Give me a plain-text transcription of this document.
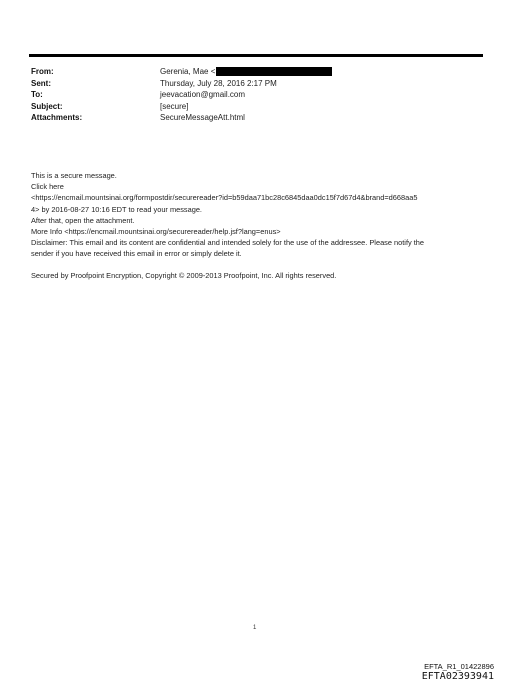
From:	Gerenia, Mae <
Sent:	Thursday, July 28, 2016 2:17 PM
To:	jeevacation@gmail.com
Subject:	[secure]
Attachments:	SecureMessageAtt.html
This is a secure message.
Click here
<https://encmail.mountsinai.org/formpostdir/securereader?id=b59daa71bc28c6845daa0dc15f7d67d4&brand=d668aa5
4> by 2016-08-27 10:16 EDT to read your message.
After that, open the attachment.
More Info <https://encmail.mountsinai.org/securereader/help.jsf?lang=enus>
Disclaimer: This email and its content are confidential and intended solely for the use of the addressee. Please notify the
sender if you have received this email in error or simply delete it.
Secured by Proofpoint Encryption, Copyright © 2009-2013 Proofpoint, Inc. All rights reserved.
1
EFTA_R1_01422896
EFTA02393941
